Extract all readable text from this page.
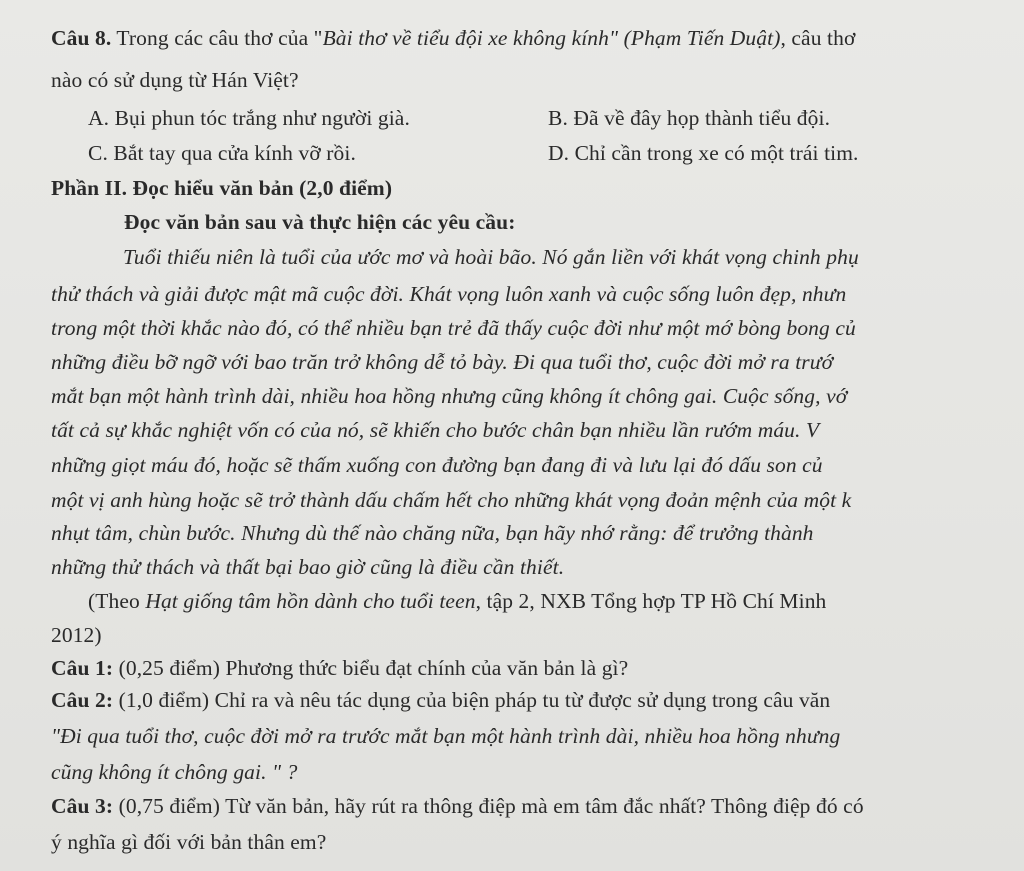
Câu 8. Trong các câu thơ của "Bài thơ về tiểu đội xe không kính" (Phạm Tiến Duật), câu thơ
nào có sử dụng từ Hán Việt?
A. Bụi phun tóc trắng như người già.	B. Đã về đây họp thành tiểu đội.
C. Bắt tay qua cửa kính vỡ rồi.	D. Chỉ cần trong xe có một trái tim.
Phần II. Đọc hiểu văn bản (2,0 điểm)
Đọc văn bản sau và thực hiện các yêu cầu:
Tuổi thiếu niên là tuổi của ước mơ và hoài bão. Nó gắn liền với khát vọng chinh phụ
thử thách và giải được mật mã cuộc đời. Khát vọng luôn xanh và cuộc sống luôn đẹp, nhưn
trong một thời khắc nào đó, có thể nhiều bạn trẻ đã thấy cuộc đời như một mớ bòng bong củ
những điều bỡ ngỡ với bao trăn trở không dễ tỏ bày. Đi qua tuổi thơ, cuộc đời mở ra trướ
mắt bạn một hành trình dài, nhiều hoa hồng nhưng cũng không ít chông gai. Cuộc sống, vớ
tất cả sự khắc nghiệt vốn có của nó, sẽ khiến cho bước chân bạn nhiều lần rướm máu. V
những giọt máu đó, hoặc sẽ thấm xuống con đường bạn đang đi và lưu lại đó dấu son củ
một vị anh hùng hoặc sẽ trở thành dấu chấm hết cho những khát vọng đoản mệnh của một k
nhụt tâm, chùn bước. Nhưng dù thế nào chăng nữa, bạn hãy nhớ rằng: để trưởng thành
những thử thách và thất bại bao giờ cũng là điều cần thiết.
(Theo Hạt giống tâm hồn dành cho tuổi teen, tập 2, NXB Tổng hợp TP Hồ Chí Minh
2012)
Câu 1: (0,25 điểm) Phương thức biểu đạt chính của văn bản là gì?
Câu 2: (1,0 điểm) Chỉ ra và nêu tác dụng của biện pháp tu từ được sử dụng trong câu văn
"Đi qua tuổi thơ, cuộc đời mở ra trước mắt bạn một hành trình dài, nhiều hoa hồng nhưng
cũng không ít chông gai. " ?
Câu 3: (0,75 điểm) Từ văn bản, hãy rút ra thông điệp mà em tâm đắc nhất? Thông điệp đó có
ý nghĩa gì đối với bản thân em?
